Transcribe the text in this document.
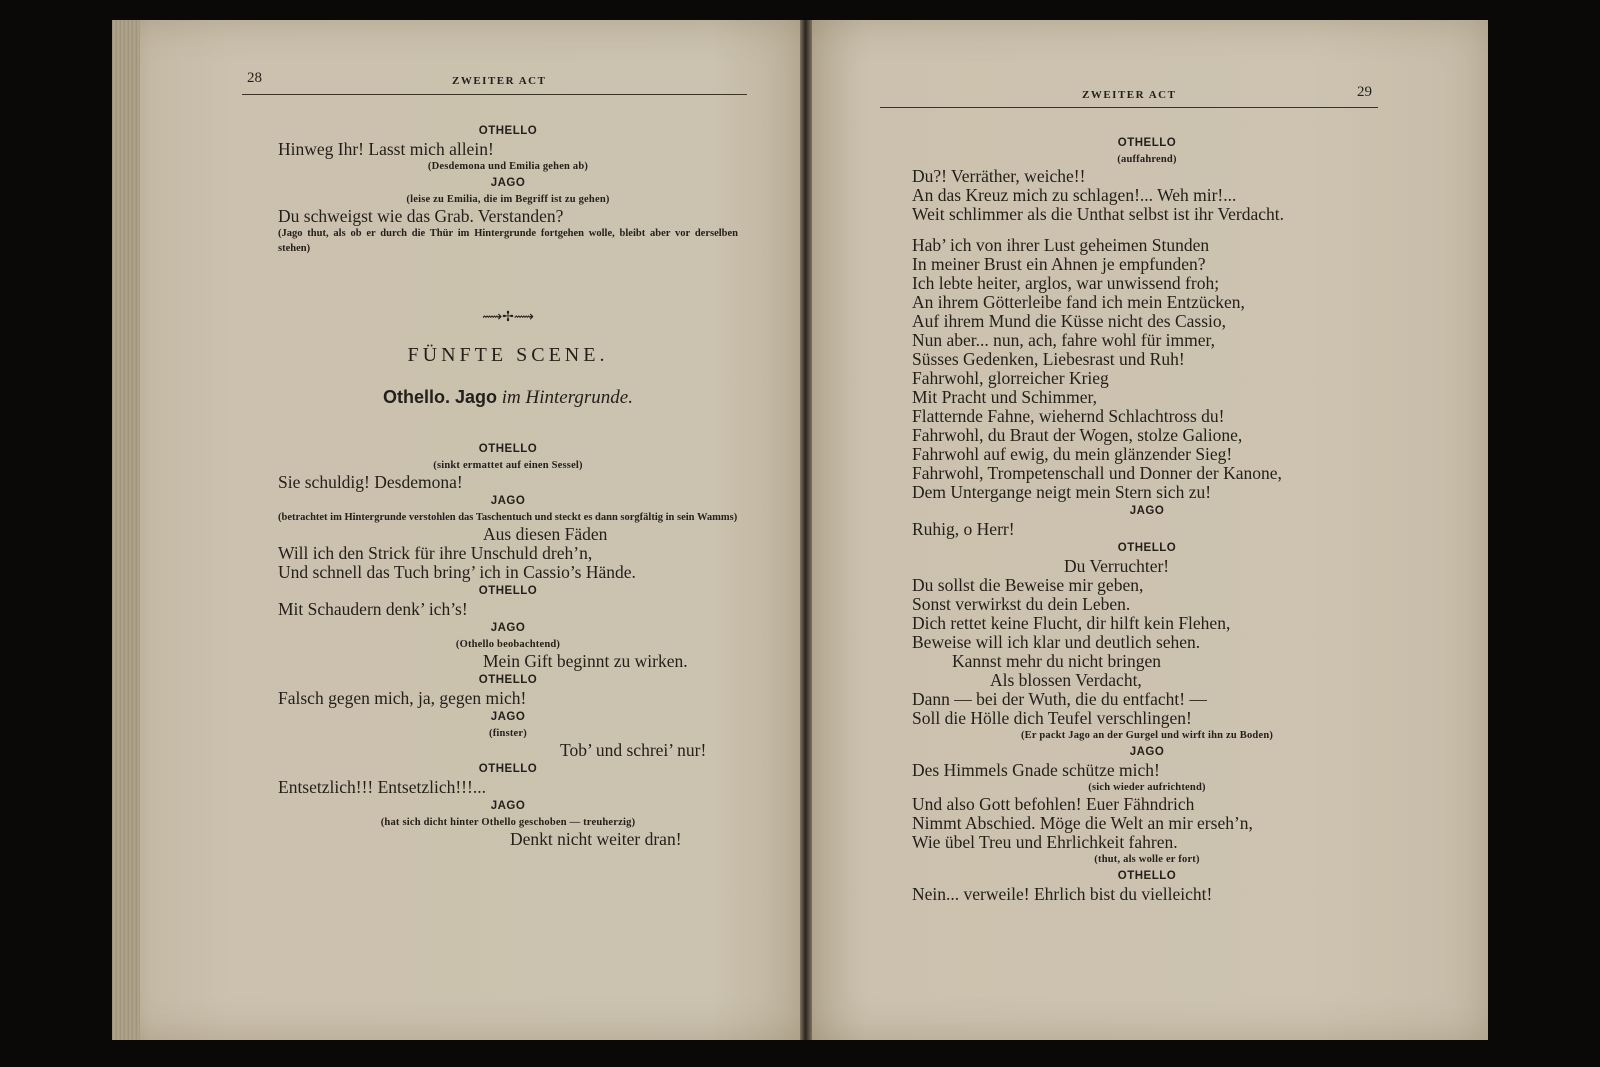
28	ZWEITER ACT
OTHELLO
Hinweg Ihr! Lasst mich allein!
(Desdemona und Emilia gehen ab)
JAGO
(leise zu Emilia, die im Begriff ist zu gehen)
Du schweigst wie das Grab. Verstanden?
(Jago thut, als ob er durch die Thür im Hintergrunde fortgehen wolle, bleibt aber vor derselben stehen)
⟿✢⟿
FÜNFTE SCENE.
Othello. Jago im Hintergrunde.
OTHELLO
(sinkt ermattet auf einen Sessel)
Sie schuldig! Desdemona!
JAGO
(betrachtet im Hintergrunde verstohlen das Taschentuch und steckt es dann sorgfältig in sein Wamms)
Aus diesen Fäden
Will ich den Strick für ihre Unschuld dreh’n,
Und schnell das Tuch bring’ ich in Cassio’s Hände.
OTHELLO
Mit Schaudern denk’ ich’s!
JAGO
(Othello beobachtend)
Mein Gift beginnt zu wirken.
OTHELLO
Falsch gegen mich, ja, gegen mich!
JAGO
(finster)
Tob’ und schrei’ nur!
OTHELLO
Entsetzlich!!! Entsetzlich!!!...
JAGO
(hat sich dicht hinter Othello geschoben — treuherzig)
Denkt nicht weiter dran!
ZWEITER ACT	29
OTHELLO
(auffahrend)
Du?! Verräther, weiche!!
An das Kreuz mich zu schlagen!... Weh mir!...
Weit schlimmer als die Unthat selbst ist ihr Verdacht.
Hab’ ich von ihrer Lust geheimen Stunden
In meiner Brust ein Ahnen je empfunden?
Ich lebte heiter, arglos, war unwissend froh;
An ihrem Götterleibe fand ich mein Entzücken,
Auf ihrem Mund die Küsse nicht des Cassio,
Nun aber... nun, ach, fahre wohl für immer,
Süsses Gedenken, Liebesrast und Ruh!
Fahrwohl, glorreicher Krieg
Mit Pracht und Schimmer,
Flatternde Fahne, wiehernd Schlachtross du!
Fahrwohl, du Braut der Wogen, stolze Galione,
Fahrwohl auf ewig, du mein glänzender Sieg!
Fahrwohl, Trompetenschall und Donner der Kanone,
Dem Untergange neigt mein Stern sich zu!
JAGO
Ruhig, o Herr!
OTHELLO
Du Verruchter!
Du sollst die Beweise mir geben,
Sonst verwirkst du dein Leben.
Dich rettet keine Flucht, dir hilft kein Flehen,
Beweise will ich klar und deutlich sehen.
Kannst mehr du nicht bringen
Als blossen Verdacht,
Dann — bei der Wuth, die du entfacht! —
Soll die Hölle dich Teufel verschlingen!
(Er packt Jago an der Gurgel und wirft ihn zu Boden)
JAGO
Des Himmels Gnade schütze mich!
(sich wieder aufrichtend)
Und also Gott befohlen! Euer Fähndrich
Nimmt Abschied. Möge die Welt an mir erseh’n,
Wie übel Treu und Ehrlichkeit fahren.
(thut, als wolle er fort)
OTHELLO
Nein... verweile! Ehrlich bist du vielleicht!
